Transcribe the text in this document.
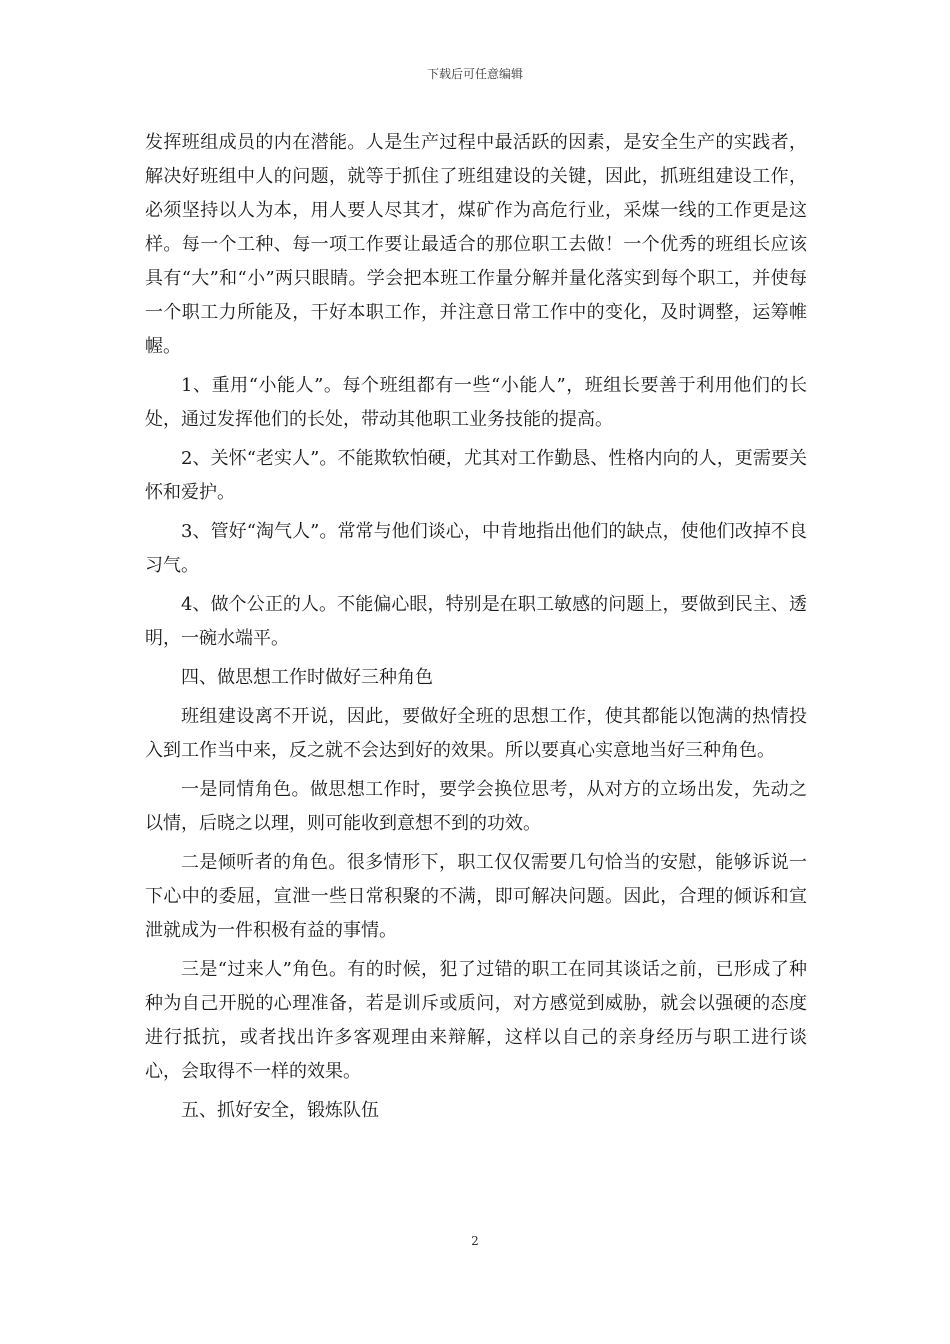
下载后可任意编辑

发挥班组成员的内在潜能。人是生产过程中最活跃的因素，是安全生产的实践者，解决好班组中人的问题，就等于抓住了班组建设的关键，因此，抓班组建设工作，必须坚持以人为本，用人要人尽其才，煤矿作为高危行业，采煤一线的工作更是这样。每一个工种、每一项工作要让最适合的那位职工去做！一个优秀的班组长应该具有“大”和“小”两只眼睛。学会把本班工作量分解并量化落实到每个职工，并使每一个职工力所能及，干好本职工作，并注意日常工作中的变化，及时调整，运筹帷幄。

1、重用“小能人”。每个班组都有一些“小能人”，班组长要善于利用他们的长处，通过发挥他们的长处，带动其他职工业务技能的提高。

2、关怀“老实人”。不能欺软怕硬，尤其对工作勤恳、性格内向的人，更需要关怀和爱护。

3、管好“淘气人”。常常与他们谈心，中肯地指出他们的缺点，使他们改掉不良习气。

4、做个公正的人。不能偏心眼，特别是在职工敏感的问题上，要做到民主、透明，一碗水端平。

四、做思想工作时做好三种角色

班组建设离不开说，因此，要做好全班的思想工作，使其都能以饱满的热情投入到工作当中来，反之就不会达到好的效果。所以要真心实意地当好三种角色。

一是同情角色。做思想工作时，要学会换位思考，从对方的立场出发，先动之以情，后晓之以理，则可能收到意想不到的功效。

二是倾听者的角色。很多情形下，职工仅仅需要几句恰当的安慰，能够诉说一下心中的委屈，宣泄一些日常积聚的不满，即可解决问题。因此，合理的倾诉和宣泄就成为一件积极有益的事情。

三是“过来人”角色。有的时候，犯了过错的职工在同其谈话之前，已形成了种种为自己开脱的心理准备，若是训斥或质问，对方感觉到威胁，就会以强硬的态度进行抵抗，或者找出许多客观理由来辩解，这样以自己的亲身经历与职工进行谈心，会取得不一样的效果。

五、抓好安全，锻炼队伍

2
